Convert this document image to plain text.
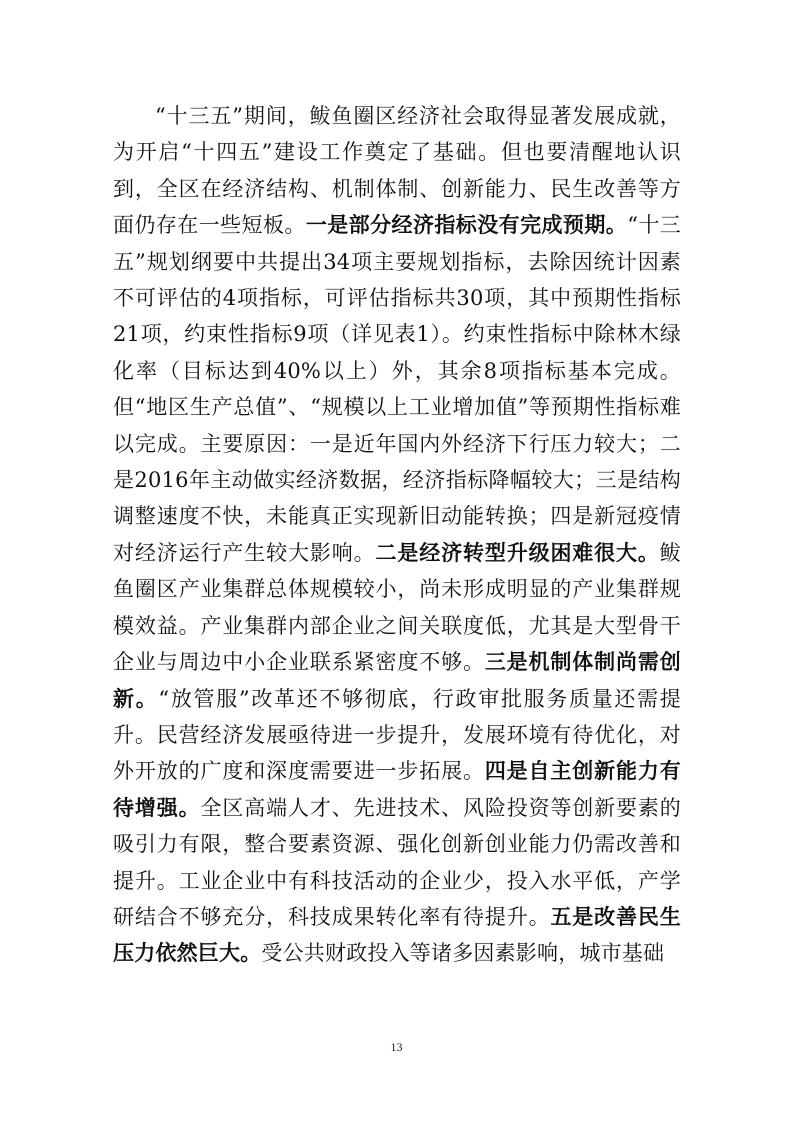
“十三五”期间，鲅鱼圈区经济社会取得显著发展成就，为开启“十四五”建设工作奠定了基础。但也要清醒地认识到，全区在经济结构、机制体制、创新能力、民生改善等方面仍存在一些短板。一是部分经济指标没有完成预期。“十三五”规划纲要中共提出34项主要规划指标，去除因统计因素不可评估的4项指标，可评估指标共30项，其中预期性指标21项，约束性指标9项（详见表1）。约束性指标中除林木绿化率（目标达到40%以上）外，其余8项指标基本完成。但“地区生产总值”、“规模以上工业增加值”等预期性指标难以完成。主要原因：一是近年国内外经济下行压力较大；二是2016年主动做实经济数据，经济指标降幅较大；三是结构调整速度不快，未能真正实现新旧动能转换；四是新冠疫情对经济运行产生较大影响。二是经济转型升级困难很大。鲅鱼圈区产业集群总体规模较小，尚未形成明显的产业集群规模效益。产业集群内部企业之间关联度低，尤其是大型骨干企业与周边中小企业联系紧密度不够。三是机制体制尚需创新。“放管服”改革还不够彻底，行政审批服务质量还需提升。民营经济发展亟待进一步提升，发展环境有待优化，对外开放的广度和深度需要进一步拓展。四是自主创新能力有待增强。全区高端人才、先进技术、风险投资等创新要素的吸引力有限，整合要素资源、强化创新创业能力仍需改善和提升。工业企业中有科技活动的企业少，投入水平低，产学研结合不够充分，科技成果转化率有待提升。五是改善民生压力依然巨大。受公共财政投入等诸多因素影响，城市基础

13
